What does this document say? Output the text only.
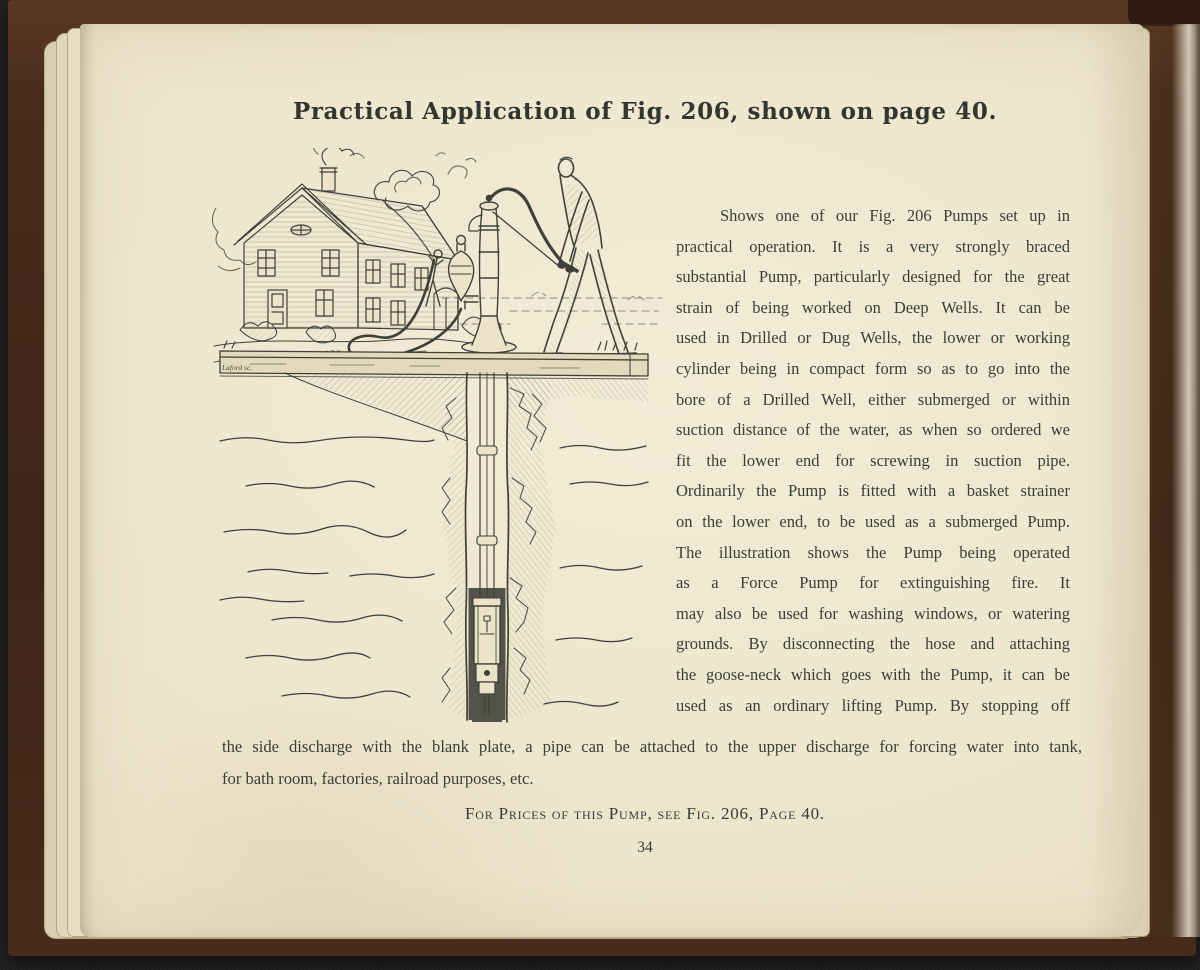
Practical Application of Fig. 206, shown on page 40.
Laford sc.
Shows one of our Fig. 206 Pumps set up in
practical operation. It is a very strongly braced
substantial Pump, particularly designed for the great
strain of being worked on Deep Wells. It can be
used in Drilled or Dug Wells, the lower or working
cylinder being in compact form so as to go into the
bore of a Drilled Well, either submerged or within
suction distance of the water, as when so ordered we
fit the lower end for screwing in suction pipe.
Ordinarily the Pump is fitted with a basket strainer
on the lower end, to be used as a submerged Pump.
The illustration shows the Pump being operated
as a Force Pump for extinguishing fire. It
may also be used for washing windows, or watering
grounds. By disconnecting the hose and attaching
the goose-neck which goes with the Pump, it can be
used as an ordinary lifting Pump. By stopping off
the side discharge with the blank plate, a pipe can be attached to the upper discharge for forcing water into tank,
for bath room, factories, railroad purposes, etc.
For Prices of this Pump, see Fig. 206, Page 40.
34
